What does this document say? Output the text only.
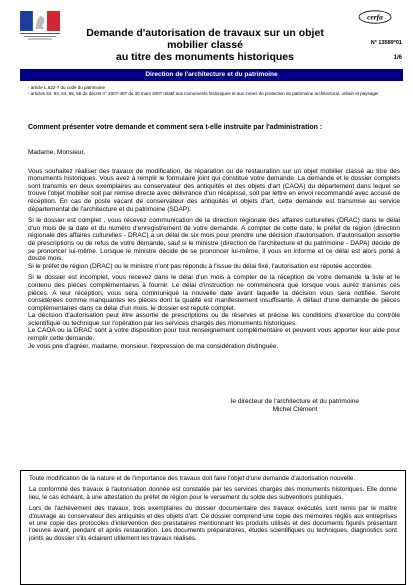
Demande d'autorisation de travaux sur un objet mobilier classé
au titre des monuments historiques
cerfa
N° 13589*01
1/6
Direction de l'architecture et du patrimoine
- article L.622-7 du code du patrimoine
- articles 62, 63, 64, 65, 66 du décret n° 2007-487 du 30 mars 2007 relatif aux monuments historiques et aux zones de protection du patrimoine architectural, urbain et paysager
Comment présenter votre demande et comment sera t-elle instruite par l'administration :

Madame, Monsieur,

Vous souhaitez réaliser des travaux de modification, de réparation ou de restauration sur un objet mobilier classé au titre des monuments historiques. Vous avez à remplir le formulaire joint qui constitue votre demande. La demande et le dossier complets sont transmis en deux exemplaires au conservateur des antiquités et des objets d'art (CAOA) du département dans lequel se trouve l'objet mobilier soit par remise directe avec délivrance d'un récépissé, soit par lettre en envoi recommandé avec accusé de réception. En cas de poste vacant de conservateur des antiquités et objets d'art, cette demande est transmise au service départemental de l'architecture et du patrimoine (SDAP).

Si le dossier est complet , vous recevez communication de la direction régionale des affaires culturelles (DRAC) dans le délai d'un mois de la date et du numéro d'enregistrement de votre demande. A compter de cette date, le préfet de région (direction régionale des affaires culturelles - DRAC) a un délai de six mois pour prendre une décision d'autorisation, d'autorisation assortie de prescriptions ou de refus de votre demande, sauf si le ministre (direction de l'architecture et du patrimoine - DAPA) décide de se prononcer lui-même. Lorsque le ministre décide de se prononcer lui-même, il vous en informe et ce délai est alors porté à douze mois.

Si le préfet de région (DRAC) ou le ministre n'ont pas répondu à l'issue du délai fixé, l'autorisation est réputée accordée.

Si le dossier est incomplet, vous recevez dans le délai d'un mois à compter de la réception de votre demande la liste et le contenu des pièces complémentaires à fournir. Le délai d'instruction ne commencera que lorsque vous aurez transmis ces pièces. A leur réception, vous sera communiqué la nouvelle date avant laquelle la décision vous sera notifiée. Seront considérées comme manquantes les pièces dont la qualité est manifestement insuffisante. A défaut d'une demande de pièces complémentaires dans ce délai d'un mois, le dossier est réputé complet.

La décision d'autorisation peut être assortie de prescriptions ou de réserves et précise les conditions d'exercice du contrôle scientifique ou technique sur l'opération par les services chargés des monuments historiques.

Le CAOA ou la DRAC sont à votre disposition pour tout renseignement complémentaire et peuvent vous apporter leur aide pour remplir cette demande.

Je vous prie d'agréer, madame, monsieur, l'expression de ma considération distinguée.

le directeur de l'architecture et du patrimoine
Michel Clément

Toute modification de la nature et de l'importance des travaux doit faire l'objet d'une demande d'autorisation nouvelle.

La conformité des travaux à l'autorisation donnée est constatée par les services chargés des monuments historiques. Elle donne lieu, le cas échéant, à une attestation du préfet de région pour le versement du solde des subventions publiques.

Lors de l'achèvement des travaux, trois exemplaires du dossier documentaire des travaux exécutés sont remis par le maître d'ouvrage au conservateur des antiquités et des objets d'art. Ce dossier comprend une copie des mémoires réglés aux entreprises et une copie des protocoles d'intervention des prestataires mentionnant les produits utilisés et des documents figurés présentant l'oeuvre avant, pendant et après restauration. Les documents préparatoires, études scientifiques ou techniques, diagnostics sont joints au dossier s'ils éclairent utilement les travaux réalisés.
